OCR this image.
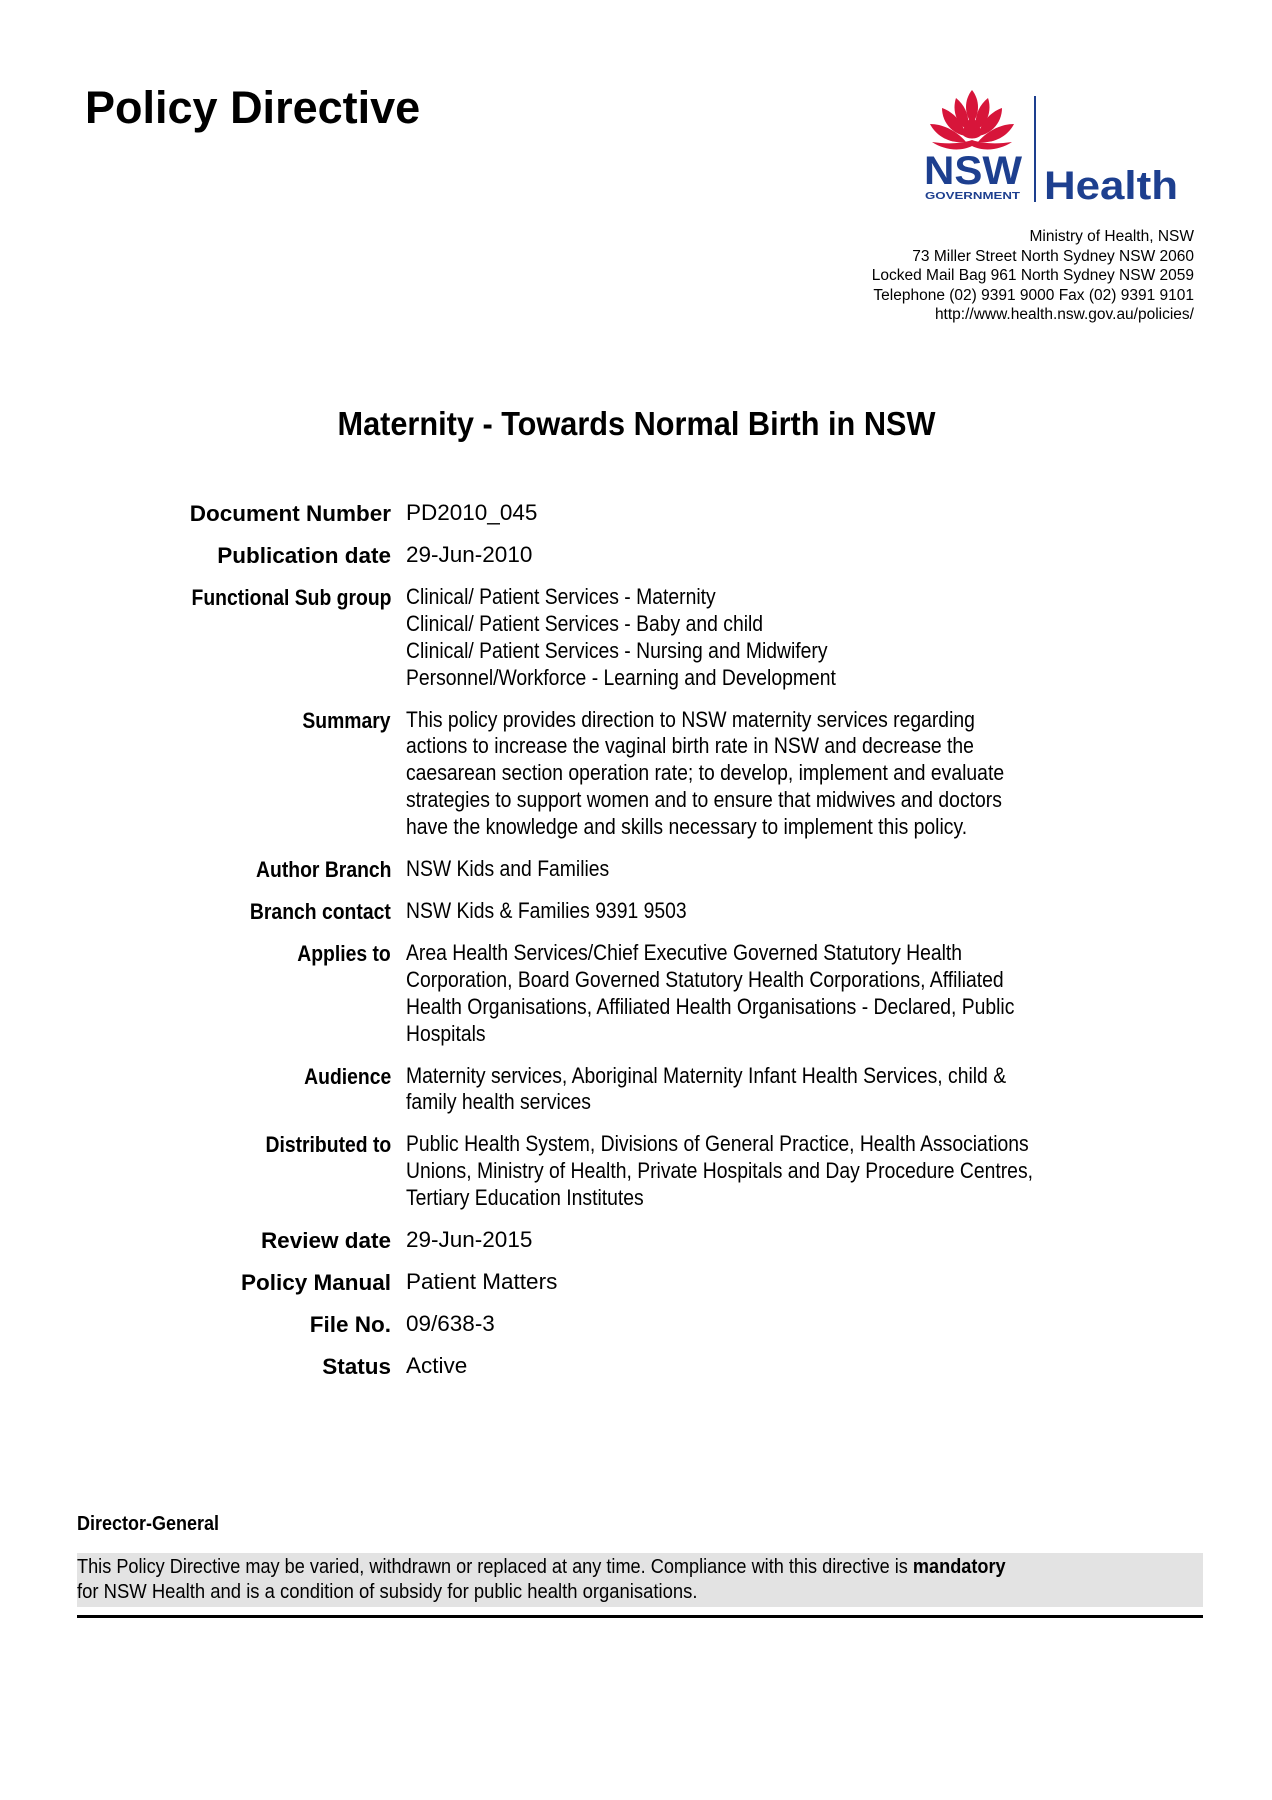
Policy Directive
NSW
GOVERNMENT Health
Ministry of Health, NSW
73 Miller Street North Sydney NSW 2060
Locked Mail Bag 961 North Sydney NSW 2059
Telephone (02) 9391 9000 Fax (02) 9391 9101
http://www.health.nsw.gov.au/policies/
Maternity - Towards Normal Birth in NSW
Document Number PD2010_045
Publication date 29-Jun-2010
Functional Sub group Clinical/ Patient Services - Maternity
Clinical/ Patient Services - Baby and child
Clinical/ Patient Services - Nursing and Midwifery
Personnel/Workforce - Learning and Development
Summary This policy provides direction to NSW maternity services regarding
actions to increase the vaginal birth rate in NSW and decrease the
caesarean section operation rate; to develop, implement and evaluate
strategies to support women and to ensure that midwives and doctors
have the knowledge and skills necessary to implement this policy.
Author Branch NSW Kids and Families
Branch contact NSW Kids & Families 9391 9503
Applies to Area Health Services/Chief Executive Governed Statutory Health
Corporation, Board Governed Statutory Health Corporations, Affiliated
Health Organisations, Affiliated Health Organisations - Declared, Public
Hospitals
Audience Maternity services, Aboriginal Maternity Infant Health Services, child &
family health services
Distributed to Public Health System, Divisions of General Practice, Health Associations
Unions, Ministry of Health, Private Hospitals and Day Procedure Centres,
Tertiary Education Institutes
Review date 29-Jun-2015
Policy Manual Patient Matters
File No. 09/638-3
Status Active
Director-General
This Policy Directive may be varied, withdrawn or replaced at any time. Compliance with this directive is mandatory
for NSW Health and is a condition of subsidy for public health organisations.
